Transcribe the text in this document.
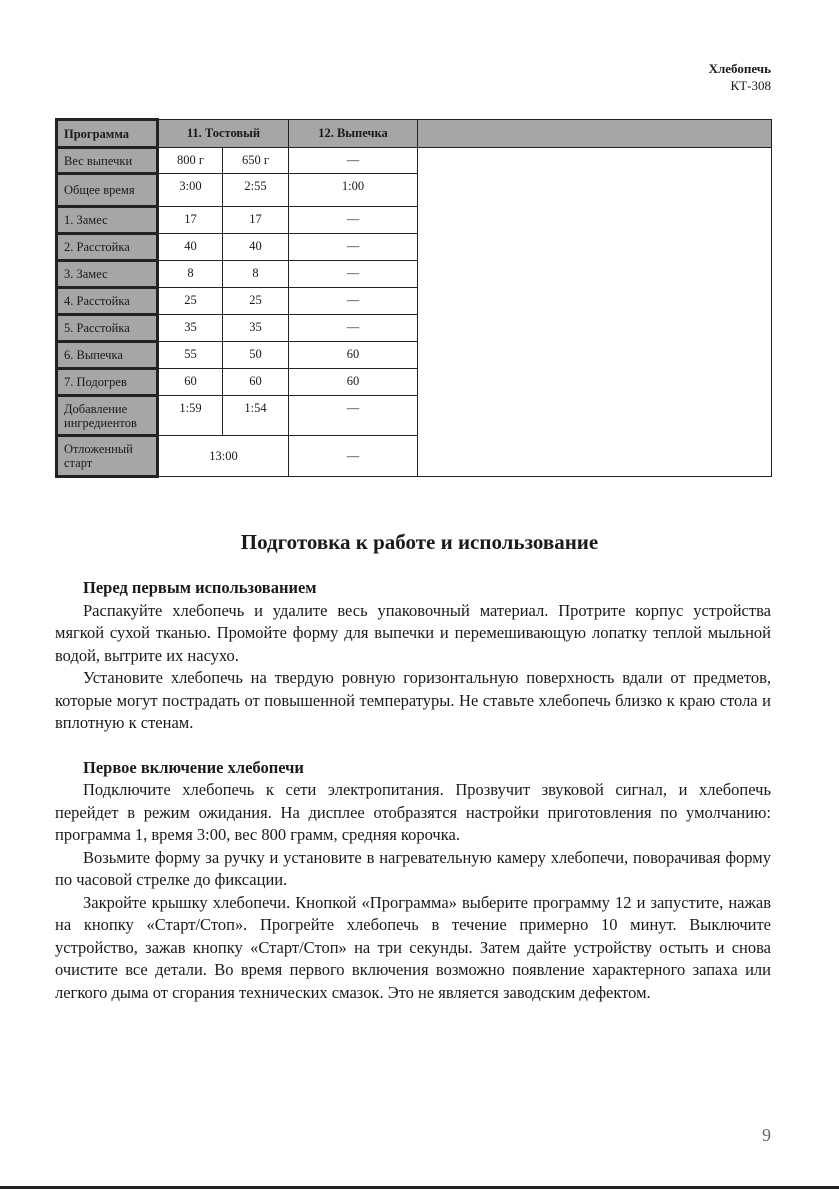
Хлебопечь
КТ-308
Программа	11. Тостовый		12. Выпечка	
Вес выпечки	800 г	650 г	—	
Общее время	3:00	2:55	1:00	
1. Замес	17	17	—	
2. Расстойка	40	40	—	
3. Замес	8	8	—	
4. Расстойка	25	25	—	
5. Расстойка	35	35	—	
6. Выпечка	55	50	60	
7. Подогрев	60	60	60	
Добавление ингредиентов	1:59	1:54	—	
Отложенный старт	13:00		—	
Подготовка к работе и использование
Перед первым использованием

Распакуйте хлебопечь и удалите весь упаковочный материал. Протрите корпус устройства мягкой сухой тканью. Промойте форму для выпечки и перемешивающую лопатку теплой мыльной водой, вытрите их насухо.

Установите хлебопечь на твердую ровную горизонтальную поверхность вдали от предметов, которые могут пострадать от повышенной температуры. Не ставьте хлебопечь близко к краю стола и вплотную к стенам.

Первое включение хлебопечи

Подключите хлебопечь к сети электропитания. Прозвучит звуковой сигнал, и хлебопечь перейдет в режим ожидания. На дисплее отобразятся настройки приготовления по умолчанию: программа 1, время 3:00, вес 800 грамм, средняя корочка.

Возьмите форму за ручку и установите в нагревательную камеру хлебопечи, поворачивая форму по часовой стрелке до фиксации.

Закройте крышку хлебопечи. Кнопкой «Программа» выберите программу 12 и запустите, нажав на кнопку «Старт/Стоп». Прогрейте хлебопечь в течение примерно 10 минут. Выключите устройство, зажав кнопку «Старт/Стоп» на три секунды. Затем дайте устройству остыть и снова очистите все детали. Во время первого включения возможно появление характерного запаха или легкого дыма от сгорания технических смазок. Это не является заводским дефектом.

9
